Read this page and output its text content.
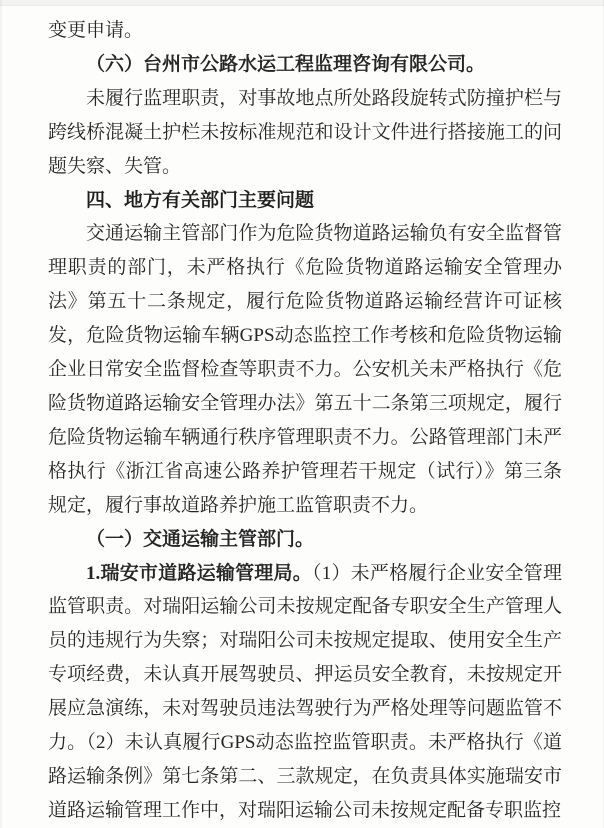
变更申请。

（六）台州市公路水运工程监理咨询有限公司。

未履行监理职责，对事故地点所处路段旋转式防撞护栏与跨线桥混凝土护栏未按标准规范和设计文件进行搭接施工的问题失察、失管。

四、地方有关部门主要问题

交通运输主管部门作为危险货物道路运输负有安全监督管理职责的部门，未严格执行《危险货物道路运输安全管理办法》第五十二条规定，履行危险货物道路运输经营许可证核发，危险货物运输车辆GPS动态监控工作考核和危险货物运输企业日常安全监督检查等职责不力。公安机关未严格执行《危险货物道路运输安全管理办法》第五十二条第三项规定，履行危险货物运输车辆通行秩序管理职责不力。公路管理部门未严格执行《浙江省高速公路养护管理若干规定（试行）》第三条规定，履行事故道路养护施工监管职责不力。

（一）交通运输主管部门。

1.瑞安市道路运输管理局。（1）未严格履行企业安全管理监管职责。对瑞阳运输公司未按规定配备专职安全生产管理人员的违规行为失察；对瑞阳公司未按规定提取、使用安全生产专项经费，未认真开展驾驶员、押运员安全教育，未按规定开展应急演练，未对驾驶员违法驾驶行为严格处理等问题监管不力。（2）未认真履行GPS动态监控监管职责。未严格执行《道路运输条例》第七条第二、三款规定，在负责具体实施瑞安市道路运输管理工作中，对瑞阳运输公司未按规定配备专职监控
